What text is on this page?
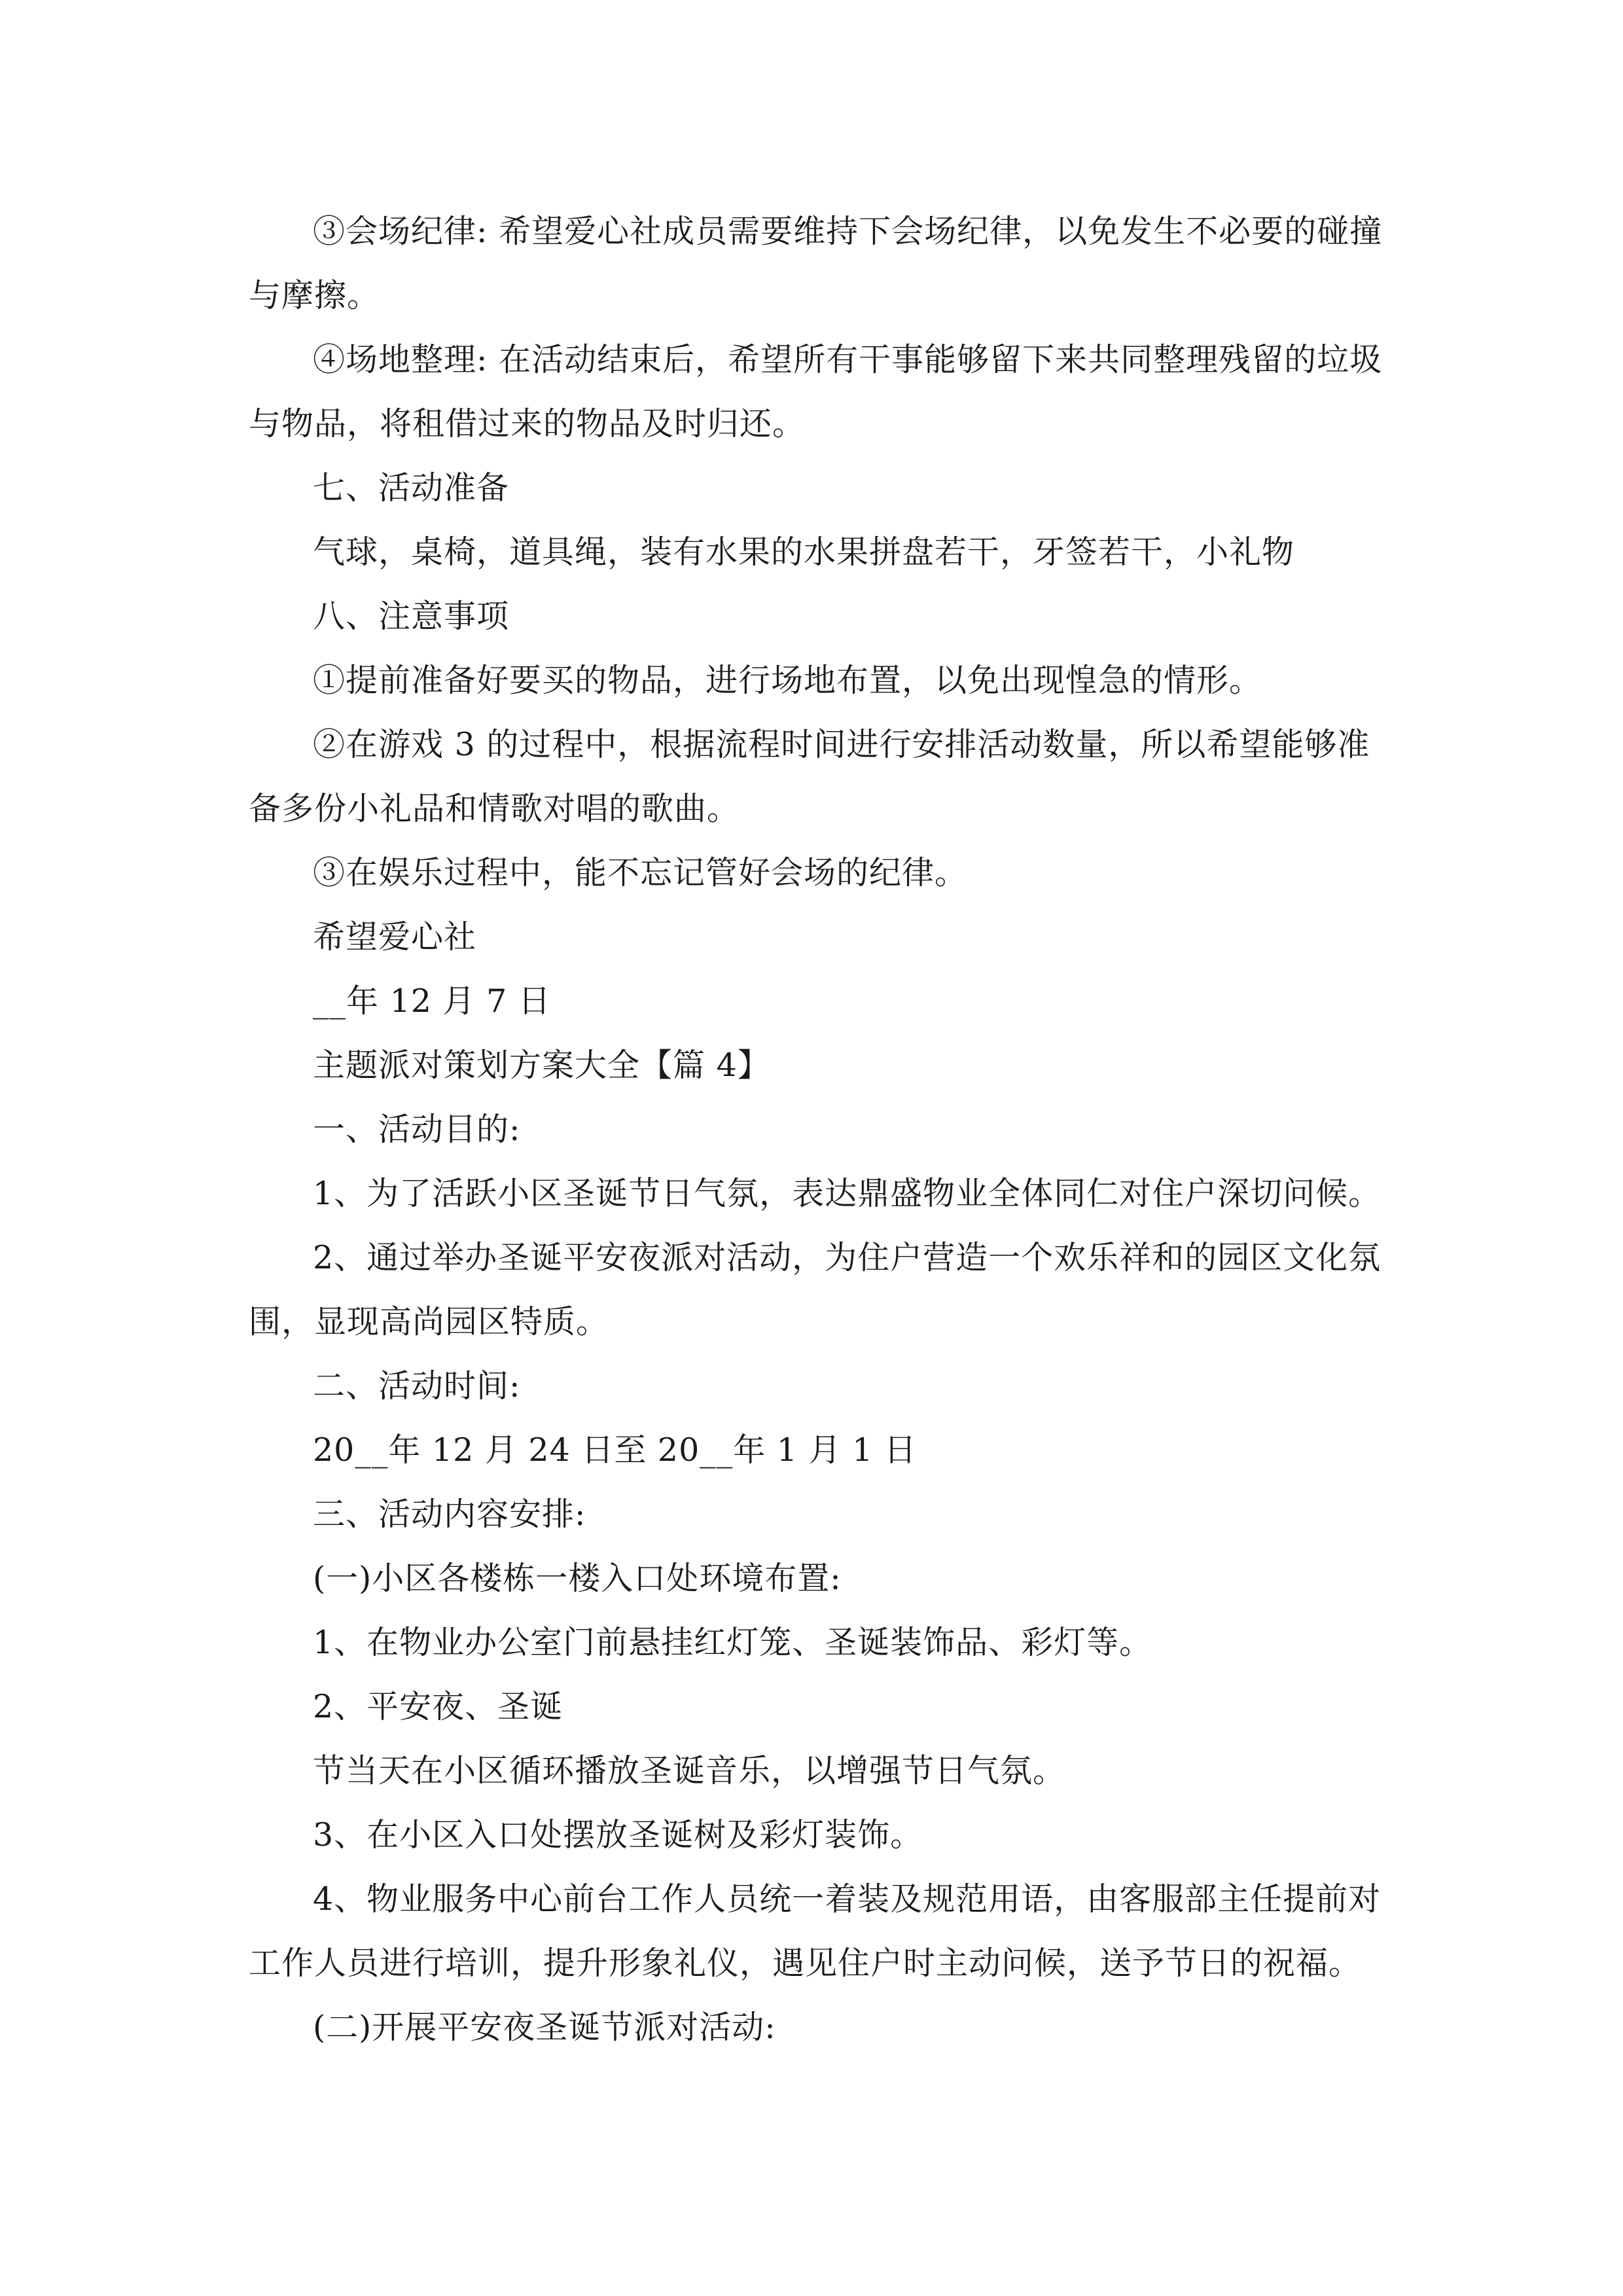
③会场纪律: 希望爱心社成员需要维持下会场纪律，以免发生不必要的碰撞与摩擦。

④场地整理: 在活动结束后，希望所有干事能够留下来共同整理残留的垃圾与物品，将租借过来的物品及时归还。

七、活动准备

气球，桌椅，道具绳，装有水果的水果拼盘若干，牙签若干，小礼物

八、注意事项

①提前准备好要买的物品，进行场地布置，以免出现惶急的情形。

②在游戏 3 的过程中，根据流程时间进行安排活动数量，所以希望能够准备多份小礼品和情歌对唱的歌曲。

③在娱乐过程中，能不忘记管好会场的纪律。

希望爱心社

__年 12 月 7 日

主题派对策划方案大全【篇 4】

一、活动目的:

1、为了活跃小区圣诞节日气氛，表达鼎盛物业全体同仁对住户深切问候。

2、通过举办圣诞平安夜派对活动，为住户营造一个欢乐祥和的园区文化氛围，显现高尚园区特质。

二、活动时间:

20__年 12 月 24 日至 20__年 1 月 1 日

三、活动内容安排:

(一)小区各楼栋一楼入口处环境布置:

1、在物业办公室门前悬挂红灯笼、圣诞装饰品、彩灯等。

2、平安夜、圣诞

节当天在小区循环播放圣诞音乐，以增强节日气氛。

3、在小区入口处摆放圣诞树及彩灯装饰。

4、物业服务中心前台工作人员统一着装及规范用语，由客服部主任提前对工作人员进行培训，提升形象礼仪，遇见住户时主动问候，送予节日的祝福。

(二)开展平安夜圣诞节派对活动:
